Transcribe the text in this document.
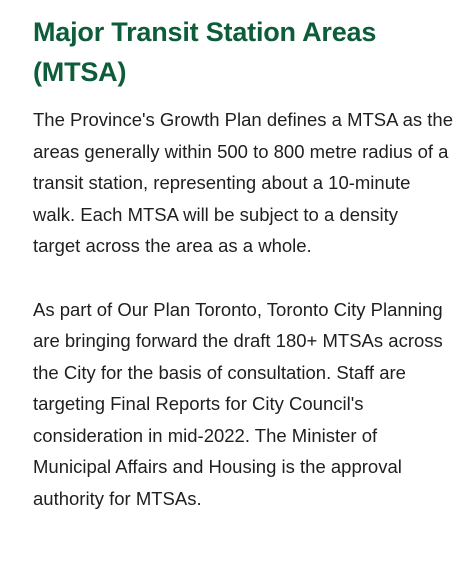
Major Transit Station Areas
(MTSA)

The Province's Growth Plan defines a MTSA as the
areas generally within 500 to 800 metre radius of a
transit station, representing about a 10-minute
walk. Each MTSA will be subject to a density
target across the area as a whole.

As part of Our Plan Toronto, Toronto City Planning
are bringing forward the draft 180+ MTSAs across
the City for the basis of consultation. Staff are
targeting Final Reports for City Council's
consideration in mid-2022. The Minister of
Municipal Affairs and Housing is the approval
authority for MTSAs.
